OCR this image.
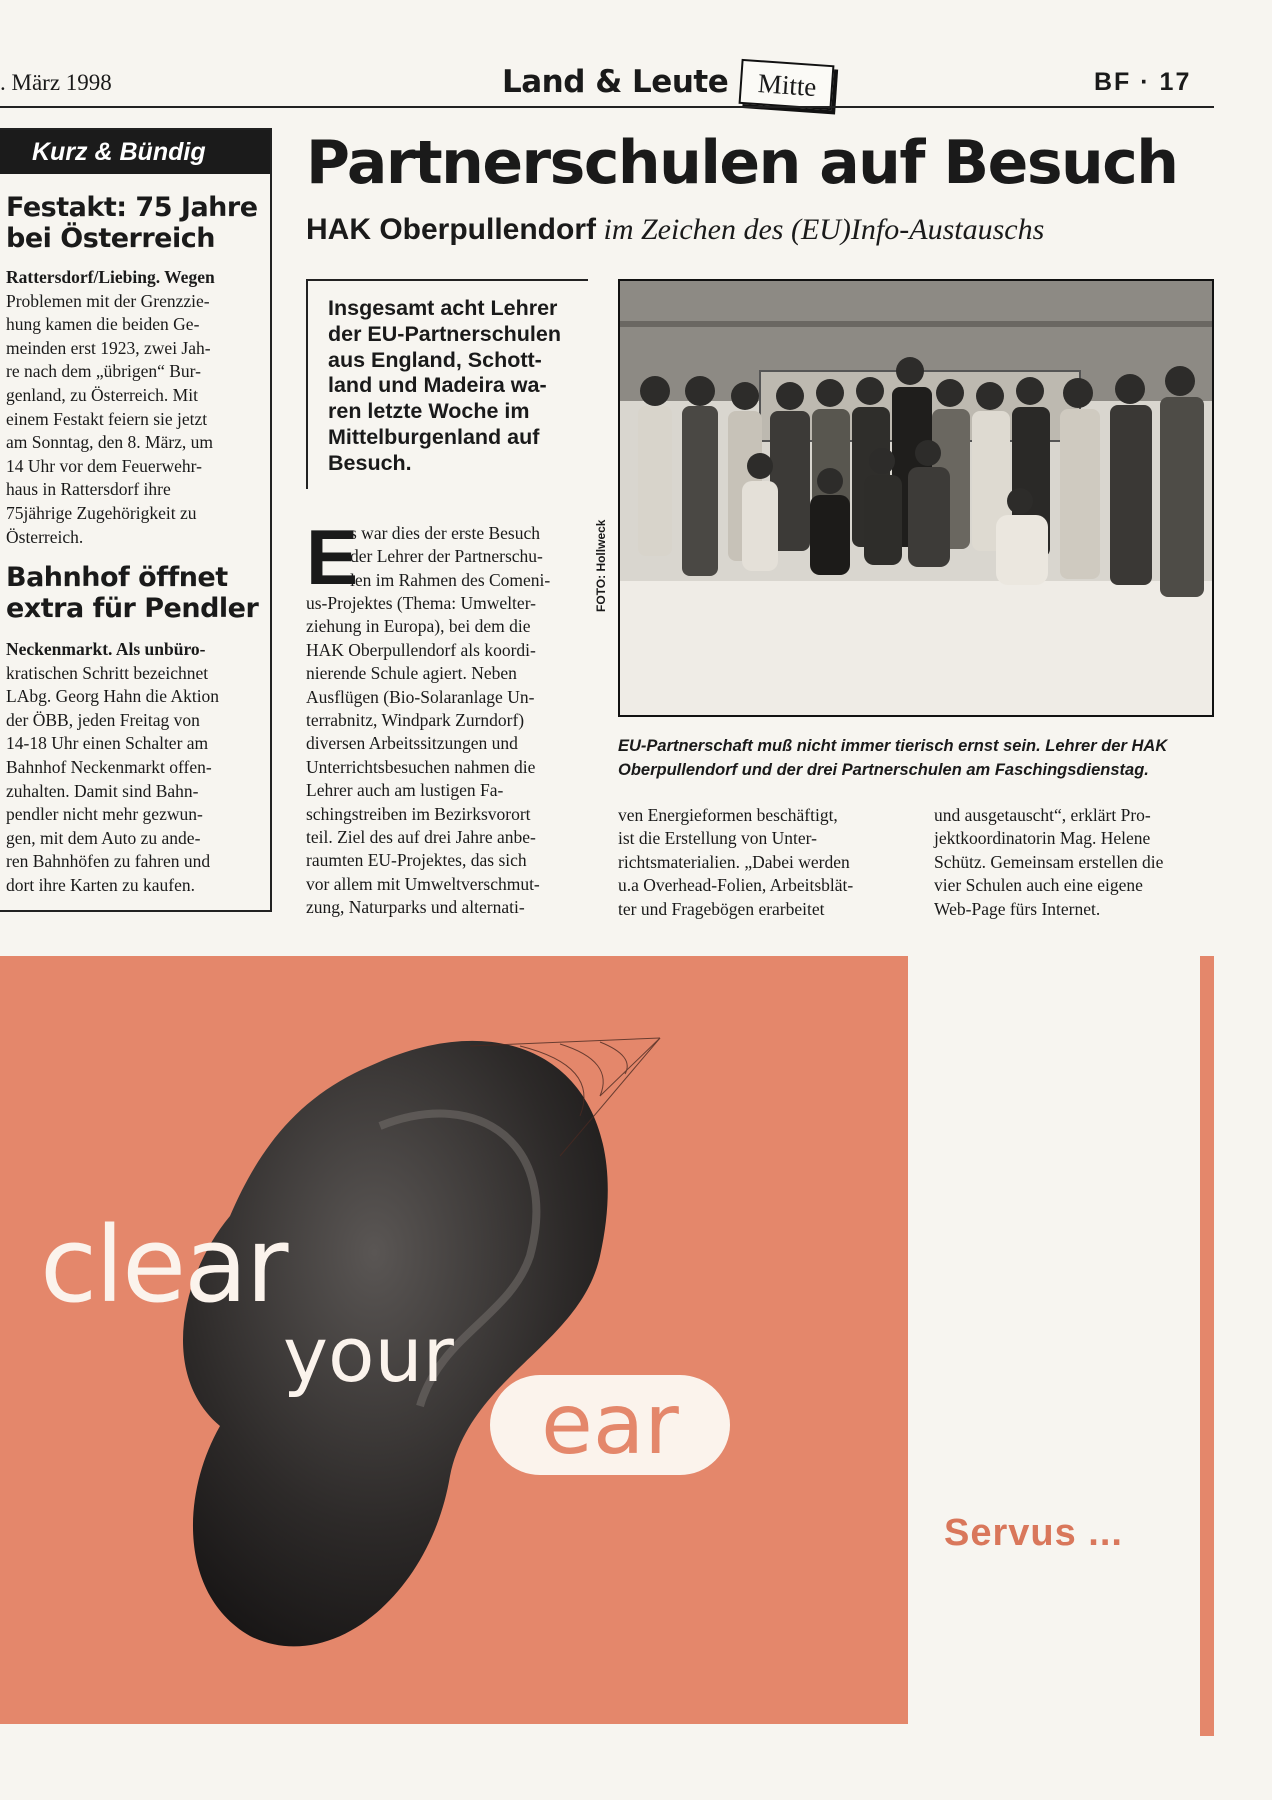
. März 1998	Land & Leute	Mitte	BF · 17
Kurz & Bündig
Festakt: 75 Jahre
bei Österreich
Rattersdorf/Liebing. Wegen
Problemen mit der Grenzzie-
hung kamen die beiden Ge-
meinden erst 1923, zwei Jah-
re nach dem „übrigen“ Bur-
genland, zu Österreich. Mit
einem Festakt feiern sie jetzt
am Sonntag, den 8. März, um
14 Uhr vor dem Feuerwehr-
haus in Rattersdorf ihre
75jährige Zugehörigkeit zu
Österreich.
Bahnhof öffnet
extra für Pendler
Neckenmarkt. Als unbüro-
kratischen Schritt bezeichnet
LAbg. Georg Hahn die Aktion
der ÖBB, jeden Freitag von
14-18 Uhr einen Schalter am
Bahnhof Neckenmarkt offen-
zuhalten. Damit sind Bahn-
pendler nicht mehr gezwun-
gen, mit dem Auto zu ande-
ren Bahnhöfen zu fahren und
dort ihre Karten zu kaufen.
Partnerschulen auf Besuch
HAK Oberpullendorf im Zeichen des (EU)Info-Austauschs
Insgesamt acht Lehrer
der EU-Partnerschulen
aus England, Schott-
land und Madeira wa-
ren letzte Woche im
Mittelburgenland auf
Besuch.
E
s war dies der erste Besuch
der Lehrer der Partnerschu-
len im Rahmen des Comeni-
us-Projektes (Thema: Umwelter-
ziehung in Europa), bei dem die
HAK Oberpullendorf als koordi-
nierende Schule agiert. Neben
Ausflügen (Bio-Solaranlage Un-
terrabnitz, Windpark Zurndorf)
diversen Arbeitssitzungen und
Unterrichtsbesuchen nahmen die
Lehrer auch am lustigen Fa-
schingstreiben im Bezirksvorort
teil. Ziel des auf drei Jahre anbe-
raumten EU-Projektes, das sich
vor allem mit Umweltverschmut-
zung, Naturparks und alternati-
FOTO: Hollweck
EU-Partnerschaft muß nicht immer tierisch ernst sein. Lehrer der HAK
Oberpullendorf und der drei Partnerschulen am Faschingsdienstag.
ven Energieformen beschäftigt,
ist die Erstellung von Unter-
richtsmaterialien. „Dabei werden
u.a Overhead-Folien, Arbeitsblät-
ter und Fragebögen erarbeitet
und ausgetauscht“, erklärt Pro-
jektkoordinatorin Mag. Helene
Schütz. Gemeinsam erstellen die
vier Schulen auch eine eigene
Web-Page fürs Internet.
clear
your
ear
Servus ...
